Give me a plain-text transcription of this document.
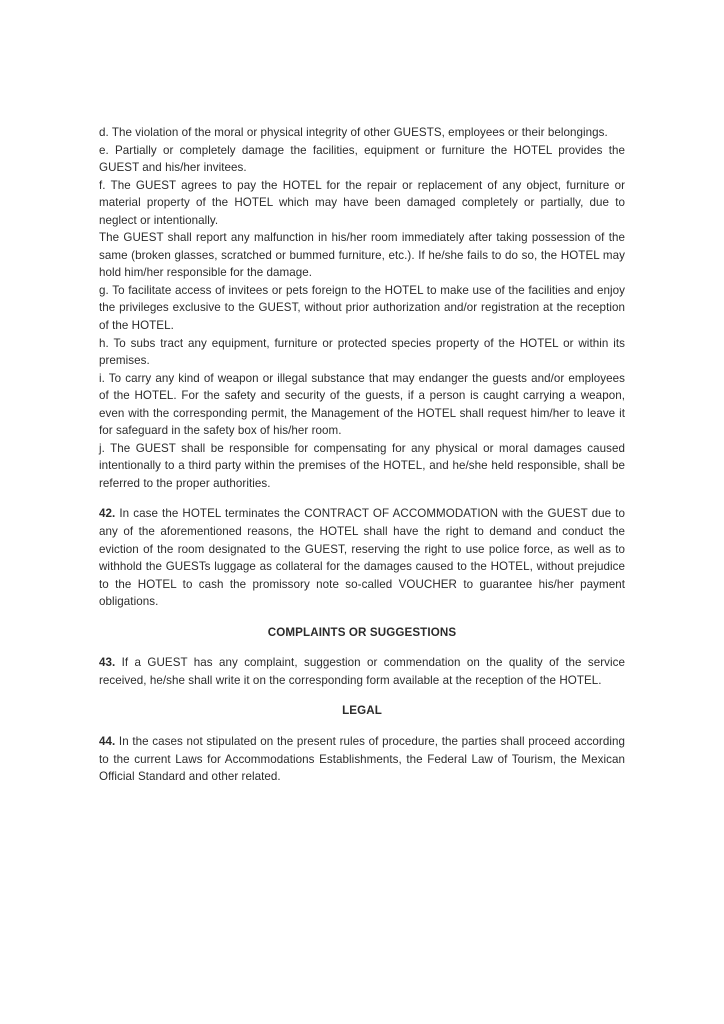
d. The violation of the moral or physical integrity of other GUESTS, employees or their belongings.

e. Partially or completely damage the facilities, equipment or furniture the HOTEL provides the GUEST and his/her invitees.

f. The GUEST agrees to pay the HOTEL for the repair or replacement of any object, furniture or material property of the HOTEL which may have been damaged completely or partially, due to neglect or intentionally.

The GUEST shall report any malfunction in his/her room immediately after taking possession of the same (broken glasses, scratched or bummed furniture, etc.). If he/she fails to do so, the HOTEL may hold him/her responsible for the damage.

g. To facilitate access of invitees or pets foreign to the HOTEL to make use of the facilities and enjoy the privileges exclusive to the GUEST, without prior authorization and/or registration at the reception of the HOTEL.

h. To subs tract any equipment, furniture or protected species property of the HOTEL or within its premises.

i. To carry any kind of weapon or illegal substance that may endanger the guests and/or employees of the HOTEL. For the safety and security of the guests, if a person is caught carrying a weapon, even with the corresponding permit, the Management of the HOTEL shall request him/her to leave it for safeguard in the safety box of his/her room.

j. The GUEST shall be responsible for compensating for any physical or moral damages caused intentionally to a third party within the premises of the HOTEL, and he/she held responsible, shall be referred to the proper authorities.

42. In case the HOTEL terminates the CONTRACT OF ACCOMMODATION with the GUEST due to any of the aforementioned reasons, the HOTEL shall have the right to demand and conduct the eviction of the room designated to the GUEST, reserving the right to use police force, as well as to withhold the GUESTs luggage as collateral for the damages caused to the HOTEL, without prejudice to the HOTEL to cash the promissory note so-called VOUCHER to guarantee his/her payment obligations.

COMPLAINTS OR SUGGESTIONS

43. If a GUEST has any complaint, suggestion or commendation on the quality of the service received, he/she shall write it on the corresponding form available at the reception of the HOTEL.

LEGAL

44. In the cases not stipulated on the present rules of procedure, the parties shall proceed according to the current Laws for Accommodations Establishments, the Federal Law of Tourism, the Mexican Official Standard and other related.
